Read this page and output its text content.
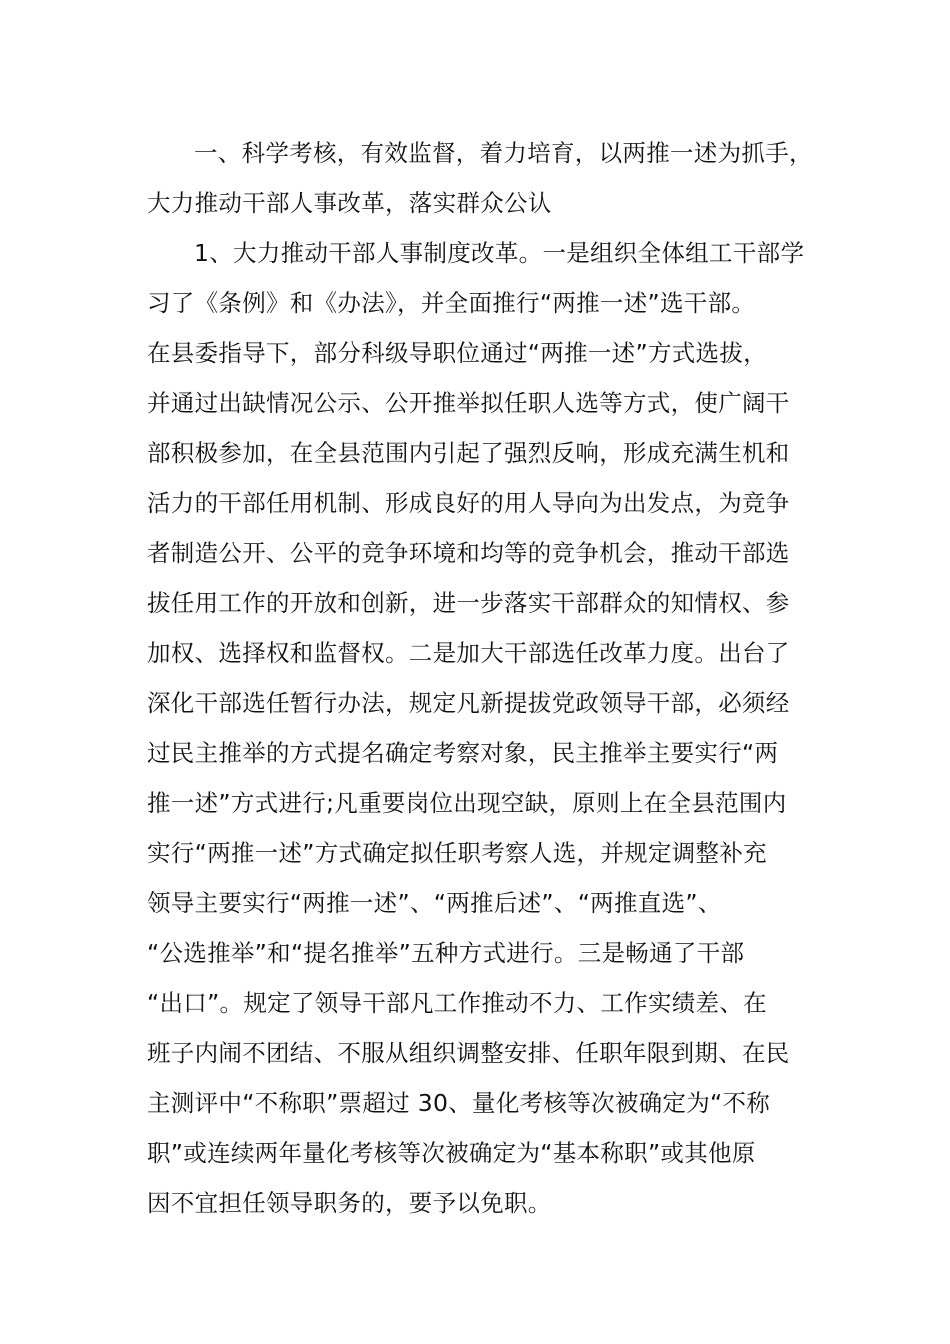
一、科学考核，有效监督，着力培育，以两推一述为抓手，
大力推动干部人事改革，落实群众公认
1、大力推动干部人事制度改革。一是组织全体组工干部学
习了《条例》和《办法》，并全面推行“两推一述”选干部。
在县委指导下，部分科级导职位通过“两推一述”方式选拔，
并通过出缺情况公示、公开推举拟任职人选等方式，使广阔干
部积极参加，在全县范围内引起了强烈反响，形成充满生机和
活力的干部任用机制、形成良好的用人导向为出发点，为竞争
者制造公开、公平的竞争环境和均等的竞争机会，推动干部选
拔任用工作的开放和创新，进一步落实干部群众的知情权、参
加权、选择权和监督权。二是加大干部选任改革力度。出台了
深化干部选任暂行办法，规定凡新提拔党政领导干部，必须经
过民主推举的方式提名确定考察对象，民主推举主要实行“两
推一述”方式进行;凡重要岗位出现空缺，原则上在全县范围内
实行“两推一述”方式确定拟任职考察人选，并规定调整补充
领导主要实行“两推一述”、“两推后述”、“两推直选”、
“公选推举”和“提名推举”五种方式进行。三是畅通了干部
“出口”。规定了领导干部凡工作推动不力、工作实绩差、在
班子内闹不团结、不服从组织调整安排、任职年限到期、在民
主测评中“不称职”票超过 30、量化考核等次被确定为“不称
职”或连续两年量化考核等次被确定为“基本称职”或其他原
因不宜担任领导职务的，要予以免职。
